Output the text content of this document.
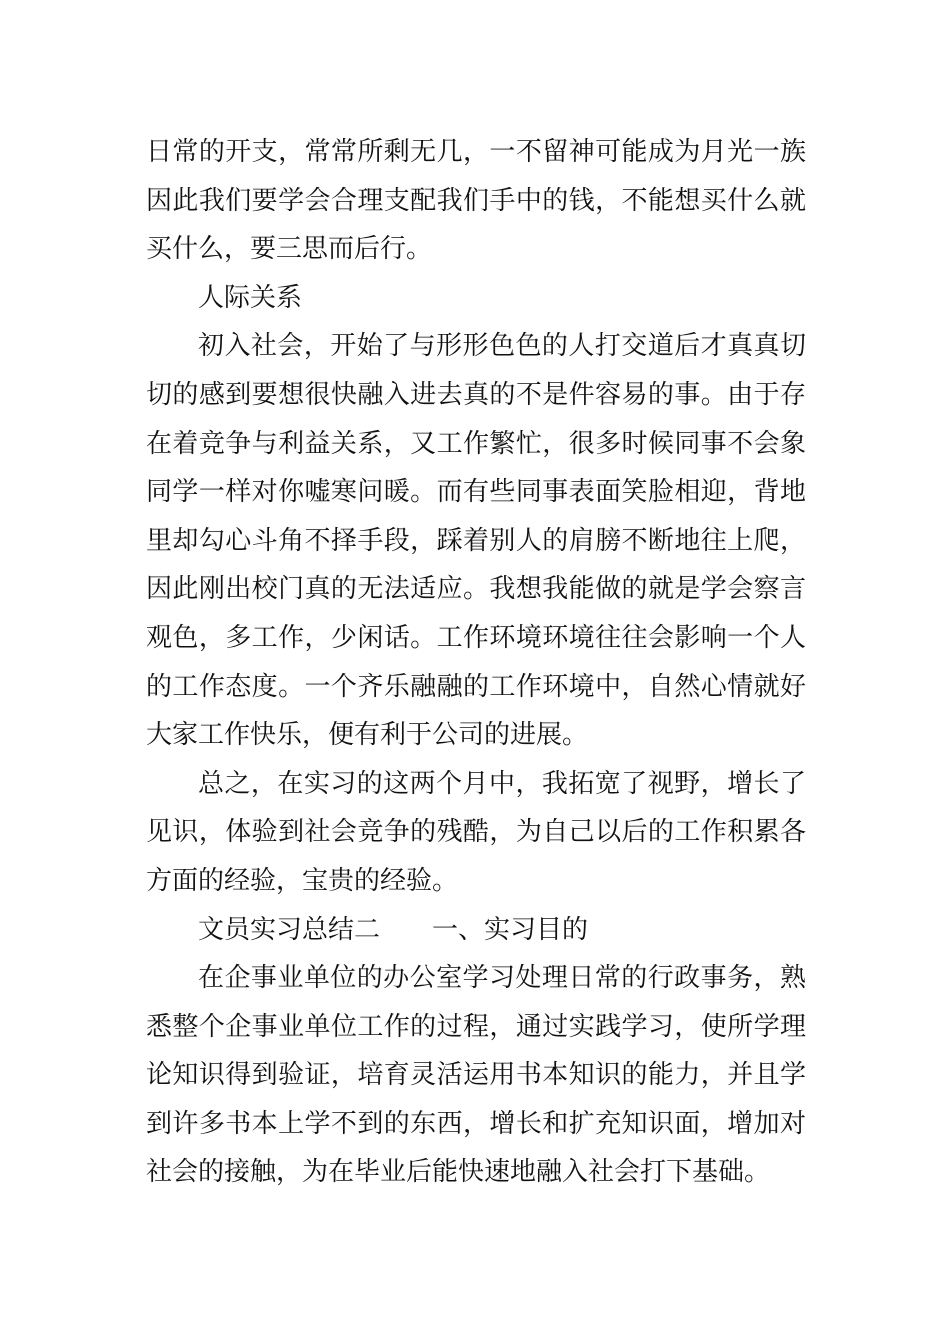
日常的开支，常常所剩无几，一不留神可能成为月光一族
因此我们要学会合理支配我们手中的钱，不能想买什么就
买什么，要三思而后行。
人际关系
初入社会，开始了与形形色色的人打交道后才真真切
切的感到要想很快融入进去真的不是件容易的事。由于存
在着竞争与利益关系，又工作繁忙，很多时候同事不会象
同学一样对你嘘寒问暖。而有些同事表面笑脸相迎，背地
里却勾心斗角不择手段，踩着别人的肩膀不断地往上爬，
因此刚出校门真的无法适应。我想我能做的就是学会察言
观色，多工作，少闲话。工作环境环境往往会影响一个人
的工作态度。一个齐乐融融的工作环境中，自然心情就好
大家工作快乐，便有利于公司的进展。
总之，在实习的这两个月中，我拓宽了视野，增长了
见识，体验到社会竞争的残酷，为自己以后的工作积累各
方面的经验，宝贵的经验。
文员实习总结二 一、实习目的
在企事业单位的办公室学习处理日常的行政事务，熟
悉整个企事业单位工作的过程，通过实践学习，使所学理
论知识得到验证，培育灵活运用书本知识的能力，并且学
到许多书本上学不到的东西，增长和扩充知识面，增加对
社会的接触，为在毕业后能快速地融入社会打下基础。
